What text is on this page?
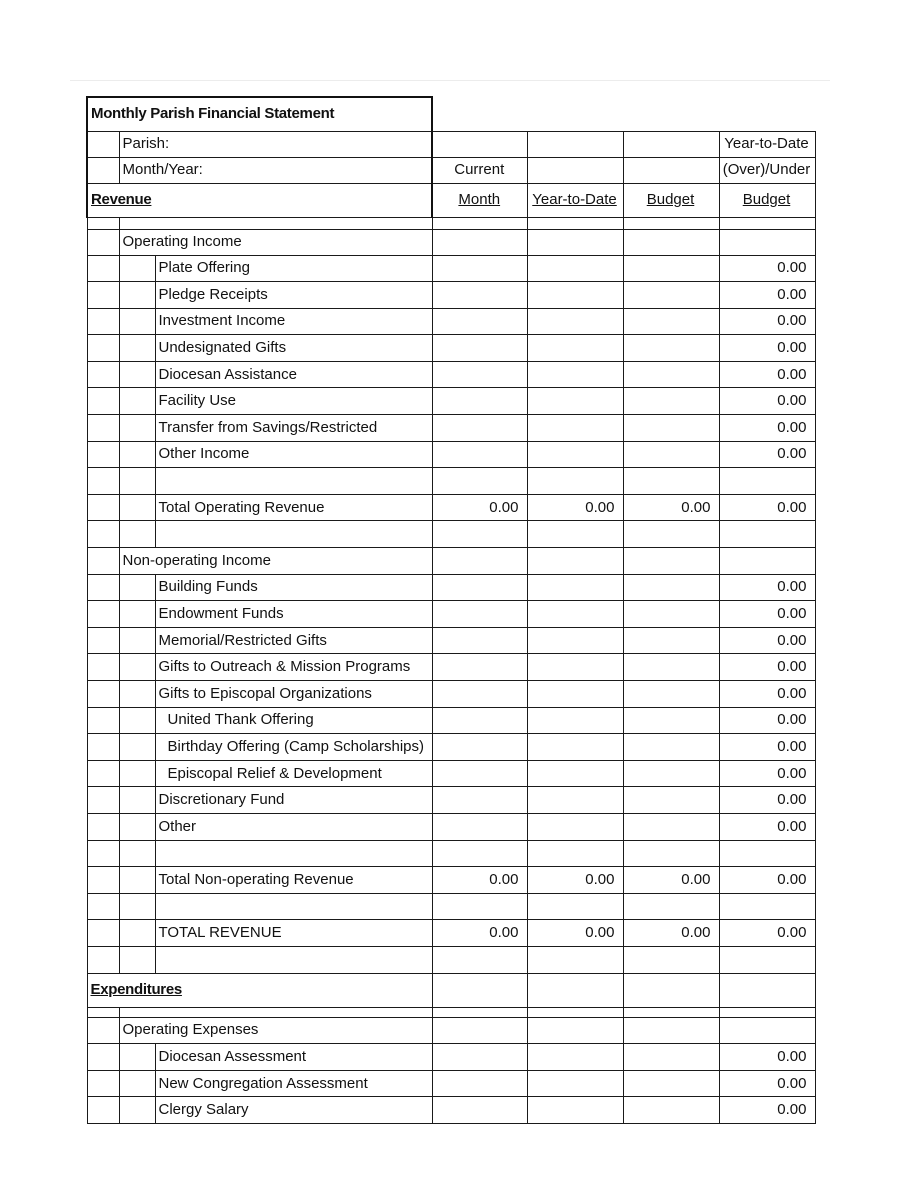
Monthly Parish Financial Statement						
	Parish:					Year-to-Date
	Month/Year:		Current			(Over)/Under
Revenue			Month	Year-to-Date	Budget	Budget

	Operating Income					
		Plate Offering				0.00
		Pledge Receipts				0.00
		Investment Income				0.00
		Undesignated Gifts				0.00
		Diocesan Assistance				0.00
		Facility Use				0.00
		Transfer from Savings/Restricted				0.00
		Other Income				0.00

		Total Operating Revenue	0.00	0.00	0.00	0.00

	Non-operating Income					
		Building Funds				0.00
		Endowment Funds				0.00
		Memorial/Restricted Gifts				0.00
		Gifts to Outreach & Mission Programs				0.00
		Gifts to Episcopal Organizations				0.00
		United Thank Offering				0.00
		Birthday Offering (Camp Scholarships)				0.00
		Episcopal Relief & Development				0.00
		Discretionary Fund				0.00
		Other				0.00

		Total Non-operating Revenue	0.00	0.00	0.00	0.00

		TOTAL REVENUE	0.00	0.00	0.00	0.00

Expenditures						

	Operating Expenses					
		Diocesan Assessment				0.00
		New Congregation Assessment				0.00
		Clergy Salary				0.00
